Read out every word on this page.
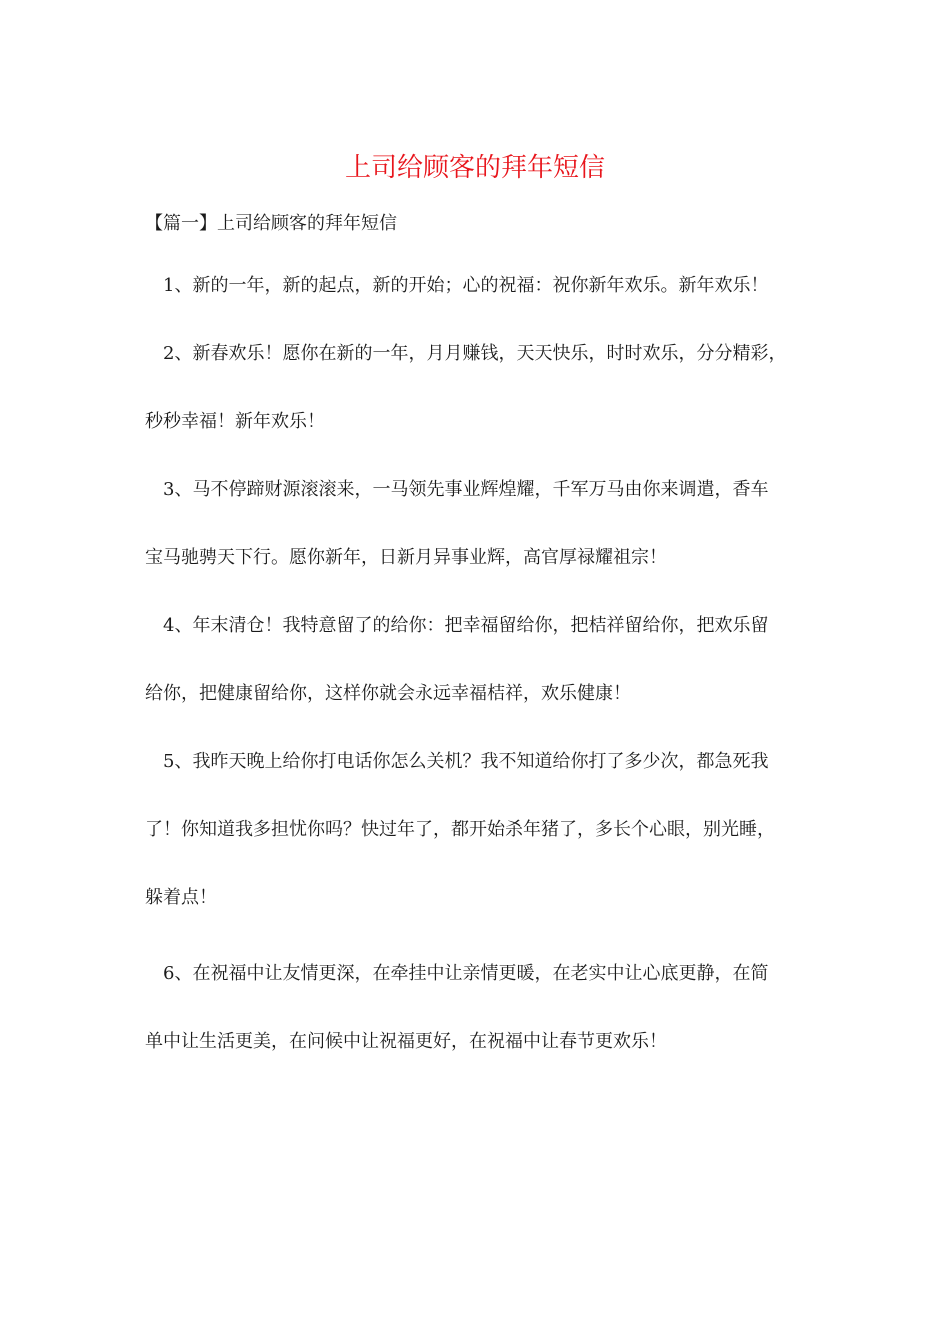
上司给顾客的拜年短信
【篇一】上司给顾客的拜年短信
1、新的一年，新的起点，新的开始；心的祝福：祝你新年欢乐。新年欢乐！
2、新春欢乐！愿你在新的一年，月月赚钱，天天快乐，时时欢乐，分分精彩，
秒秒幸福！新年欢乐！
3、马不停蹄财源滚滚来，一马领先事业辉煌耀，千军万马由你来调遣，香车
宝马驰骋天下行。愿你新年，日新月异事业辉，高官厚禄耀祖宗！
4、年末清仓！我特意留了的给你：把幸福留给你，把桔祥留给你，把欢乐留
给你，把健康留给你，这样你就会永远幸福桔祥，欢乐健康！
5、我昨天晚上给你打电话你怎么关机？我不知道给你打了多少次，都急死我
了！你知道我多担忧你吗？快过年了，都开始杀年猪了，多长个心眼，别光睡，
躲着点！
6、在祝福中让友情更深，在牵挂中让亲情更暖，在老实中让心底更静，在简
单中让生活更美，在问候中让祝福更好，在祝福中让春节更欢乐！
